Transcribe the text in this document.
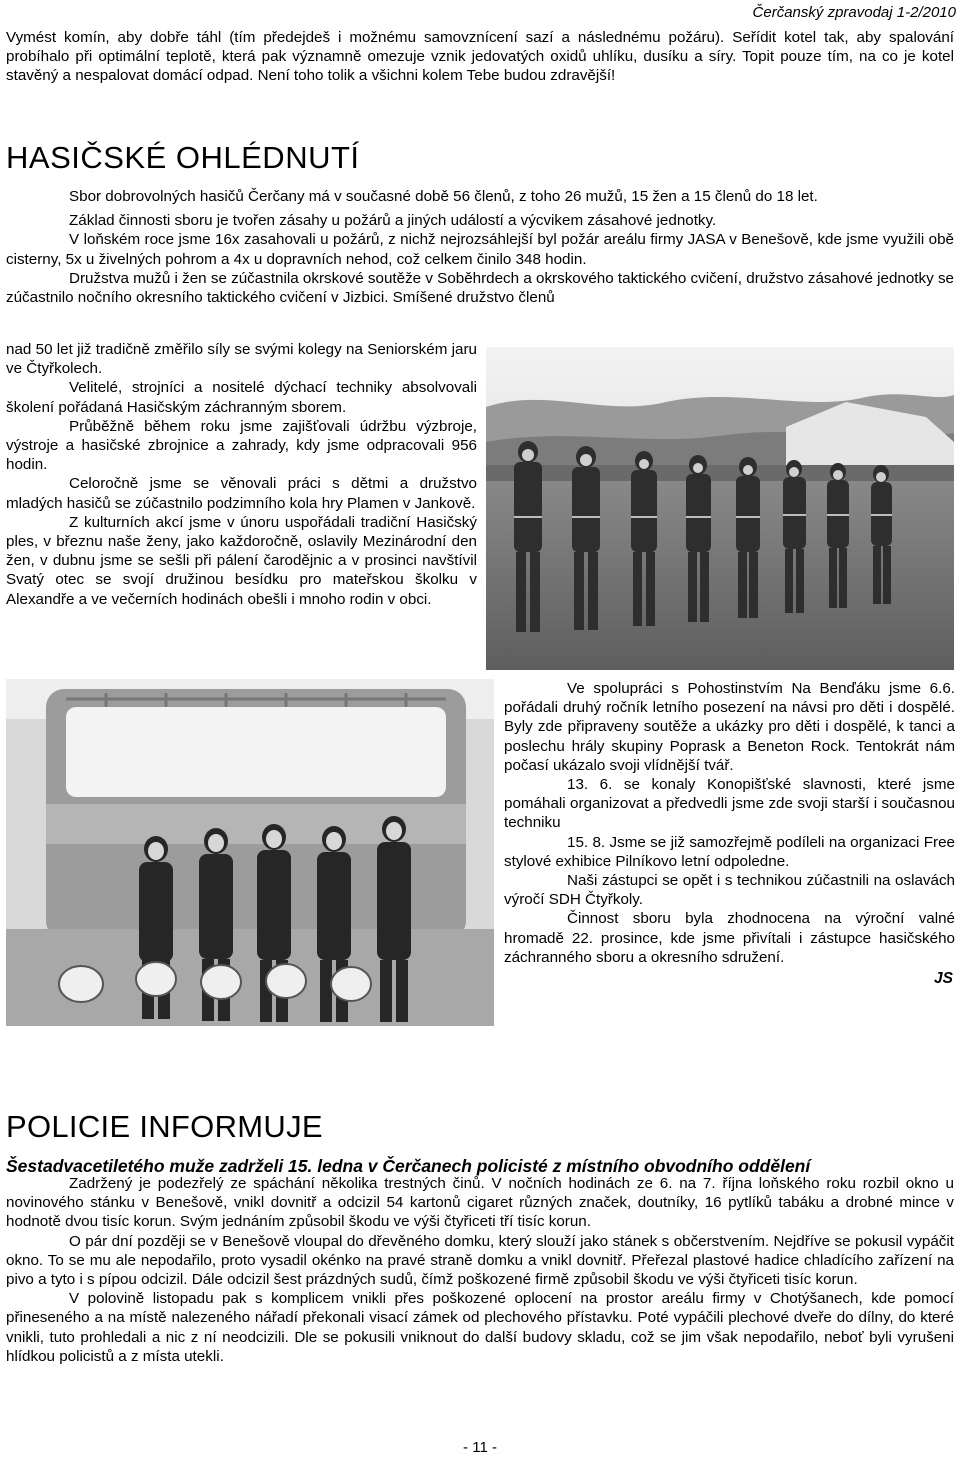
Čerčanský zpravodaj 1-2/2010
Vymést komín, aby dobře táhl (tím předejdeš i možnému samovznícení sazí a následnému požáru). Seřídit kotel tak, aby spalování probíhalo při optimální teplotě, která pak významně omezuje vznik jedovatých oxidů uhlíku, dusíku a síry. Topit pouze tím, na co je kotel stavěný a nespalovat domácí odpad. Není toho tolik a všichni kolem Tebe budou zdravější!
HASIČSKÉ OHLÉDNUTÍ
Sbor dobrovolných hasičů Čerčany má v současné době 56 členů, z toho 26 mužů, 15 žen a 15 členů do 18 let.
Základ činnosti sboru je tvořen zásahy u požárů a jiných událostí a výcvikem zásahové jednotky.
V loňském roce jsme 16x zasahovali u požárů, z nichž nejrozsáhlejší byl požár areálu firmy JASA v Benešově, kde jsme využili obě cisterny, 5x u živelných pohrom a 4x u dopravních nehod, což celkem činilo 348 hodin.
Družstva mužů i žen se zúčastnila okrskové soutěže v Soběhrdech a okrskového taktického cvičení, družstvo zásahové jednotky se zúčastnilo nočního okresního taktického cvičení v Jizbici. Smíšené družstvo členů
nad 50 let již tradičně změřilo síly se svými kolegy na Seniorském jaru ve Čtyřkolech.
Velitelé, strojníci a nositelé dýchací techniky absolvovali školení pořádaná Hasičským záchranným sborem.
Průběžně během roku jsme zajišťovali údržbu výzbroje, výstroje a hasičské zbrojnice a zahrady, kdy jsme odpracovali 956 hodin.
Celoročně jsme se věnovali práci s dětmi a družstvo mladých hasičů se zúčastnilo podzimního kola hry Plamen v Jankově.
Z kulturních akcí jsme v únoru uspořádali tradiční Hasičský ples, v březnu naše ženy, jako každoročně, oslavily Mezinárodní den žen, v dubnu jsme se sešli při pálení čarodějnic a v prosinci navštívil Svatý otec se svojí družinou besídku pro mateřskou školku v Alexandře a ve večerních hodinách obešli i mnoho rodin v obci.
Ve spolupráci s Pohostinstvím Na Benďáku jsme 6.6. pořádali druhý ročník letního posezení na návsi pro děti i dospělé. Byly zde připraveny soutěže a ukázky pro děti i dospělé, k tanci a poslechu hrály skupiny Poprask a Beneton Rock. Tentokrát nám počasí ukázalo svoji vlídnější tvář.
13. 6. se konaly Konopišťské slavnosti, které jsme pomáhali organizovat a předvedli jsme zde svoji starší i současnou techniku
15. 8. Jsme se již samozřejmě podíleli na organizaci Free stylové exhibice Pilníkovo letní odpoledne.
Naši zástupci se opět i s technikou zúčastnili na oslavách výročí SDH Čtyřkoly.
Činnost sboru byla zhodnocena na výroční valné hromadě 22. prosince, kde jsme přivítali i zástupce hasičského záchranného sboru a okresního sdružení.
JS
POLICIE INFORMUJE
Šestadvacetiletého muže zadrželi 15. ledna v Čerčanech policisté z místního obvodního oddělení
Zadržený je podezřelý ze spáchání několika trestných činů. V nočních hodinách ze 6. na 7. října loňského roku rozbil okno u novinového stánku v Benešově, vnikl dovnitř a odcizil 54 kartonů cigaret různých značek, doutníky, 16 pytlíků tabáku a drobné mince v hodnotě dvou tisíc korun. Svým jednáním způsobil škodu ve výši čtyřiceti tří tisíc korun.
O pár dní později se v Benešově vloupal do dřevěného domku, který slouží jako stánek s občerstvením. Nejdříve se pokusil vypáčit okno. To se mu ale nepodařilo, proto vysadil okénko na pravé straně domku a vnikl dovnitř. Přeřezal plastové hadice chladícího zařízení na pivo a tyto i s pípou odcizil. Dále odcizil šest prázdných sudů, čímž poškozené firmě způsobil škodu ve výši čtyřiceti tisíc korun.
V polovině listopadu pak s komplicem vnikli přes poškozené oplocení na prostor areálu firmy v Chotýšanech, kde pomocí přineseného a na místě nalezeného nářadí překonali visací zámek od plechového přístavku. Poté vypáčili plechové dveře do dílny, do které vnikli, tuto prohledali a nic z ní neodcizili. Dle se pokusili vniknout do další budovy skladu, což se jim však nepodařilo, neboť byli vyrušeni hlídkou policistů a z místa utekli.
- 11 -
